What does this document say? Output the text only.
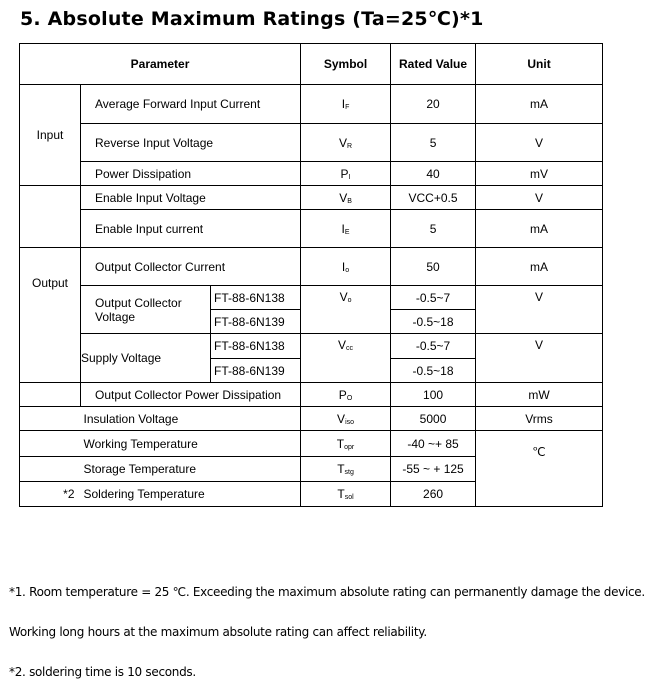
5. Absolute Maximum Ratings (Ta=25℃)*1
Parameter			Symbol	Rated Value	Unit
Input	Average Forward Input Current		$I_F$	20	mA
	Reverse Input Voltage		$V_R$	5	V
	Power Dissipation		$P_I$	40	mV
	Enable Input Voltage		$V_B$	VCC+0.5	V
	Enable Input current		$I_E$	5	mA
Output	Output Collector Current		$I_o$	50	mA
	Output Collector Voltage	FT-88-6N138	$V_o$	-0.5~7	V
		FT-88-6N139		-0.5~18	
	Supply Voltage	FT-88-6N138	$V_{cc}$	-0.5~7	V
		FT-88-6N139		-0.5~18	
	Output Collector Power Dissipation		$P_O$	100	mW
	Insulation Voltage		$V_{iso}$	5000	Vrms
	Working Temperature		$T_{opr}$	-40 ~+ 85	℃
	Storage Temperature		$T_{stg}$	-55 ~ + 125	
*2	Soldering Temperature		$T_{sol}$	260	
*1. Room temperature = 25 ℃. Exceeding the maximum absolute rating can permanently damage the device.
Working long hours at the maximum absolute rating can affect reliability.
*2. soldering time is 10 seconds.
